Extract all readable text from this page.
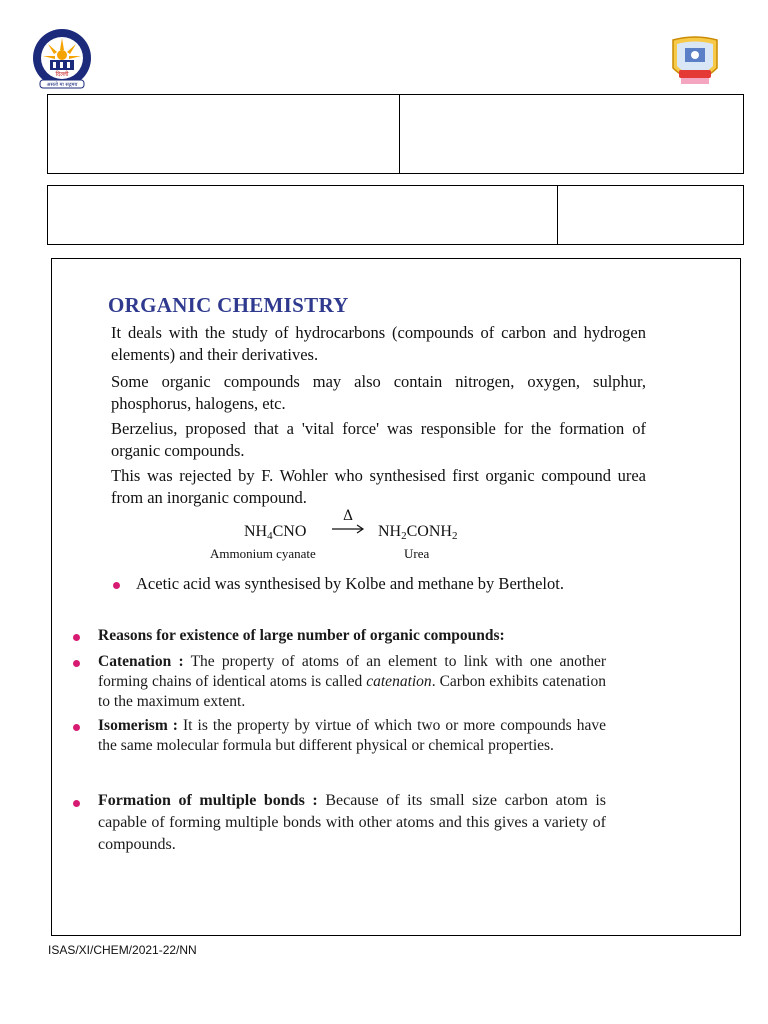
दिल्ली
असतो मा सद्गमय
ORGANIC CHEMISTRY
It deals with the study of hydrocarbons (compounds of carbon and hydrogen elements) and their derivatives.
Some organic compounds may also contain nitrogen, oxygen, sulphur, phosphorus, halogens, etc.
Berzelius, proposed that a 'vital force' was responsible for the formation of organic compounds.
This was rejected by F. Wohler who synthesised first organic compound urea from an inorganic compound.
NH4CNO
Δ
NH2CONH2
Ammonium cyanate	Urea
Acetic acid was synthesised by Kolbe and methane by Berthelot.
Reasons for existence of large number of organic compounds:
Catenation : The property of atoms of an element to link with one another forming chains of identical atoms is called catenation. Carbon exhibits catenation to the maximum extent.
Isomerism : It is the property by virtue of which two or more compounds have the same molecular formula but different physical or chemical properties.
Formation of multiple bonds : Because of its small size carbon atom is capable of forming multiple bonds with other atoms and this gives a variety of compounds.
ISAS/XI/CHEM/2021-22/NN
